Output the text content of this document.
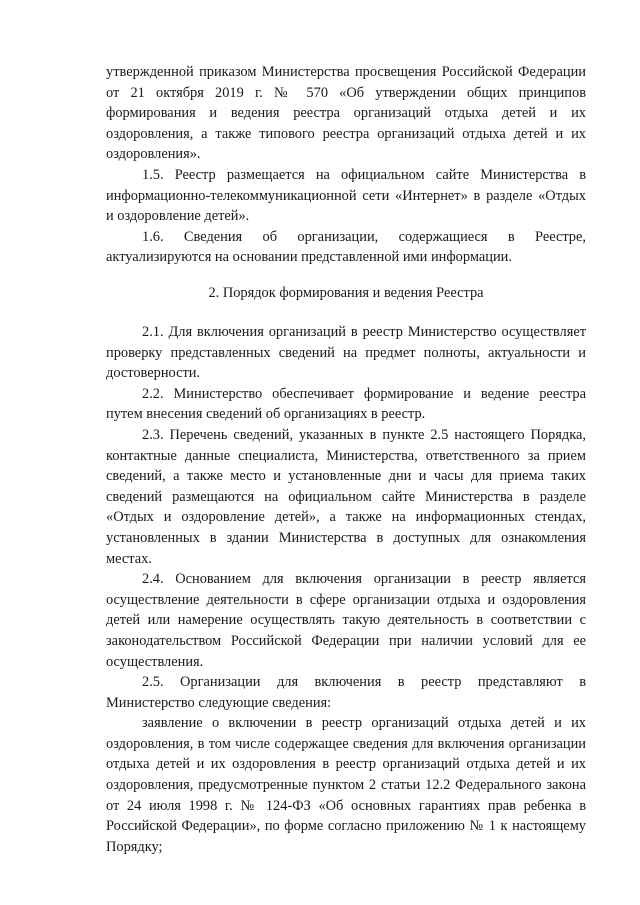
утвержденной приказом Министерства просвещения Российской Федерации от 21 октября 2019 г. № 570 «Об утверждении общих принципов формирования и ведения реестра организаций отдыха детей и их оздоровления, а также типового реестра организаций отдыха детей и их оздоровления».

1.5. Реестр размещается на официальном сайте Министерства в информационно-телекоммуникационной сети «Интернет» в разделе «Отдых и оздоровление детей».

1.6. Сведения об организации, содержащиеся в Реестре, актуализируются на основании представленной ими информации.

2. Порядок формирования и ведения Реестра

2.1. Для включения организаций в реестр Министерство осуществляет проверку представленных сведений на предмет полноты, актуальности и достоверности.

2.2. Министерство обеспечивает формирование и ведение реестра путем внесения сведений об организациях в реестр.

2.3. Перечень сведений, указанных в пункте 2.5 настоящего Порядка, контактные данные специалиста, Министерства, ответственного за прием сведений, а также место и установленные дни и часы для приема таких сведений размещаются на официальном сайте Министерства в разделе «Отдых и оздоровление детей», а также на информационных стендах, установленных в здании Министерства в доступных для ознакомления местах.

2.4. Основанием для включения организации в реестр является осуществление деятельности в сфере организации отдыха и оздоровления детей или намерение осуществлять такую деятельность в соответствии с законодательством Российской Федерации при наличии условий для ее осуществления.

2.5. Организации для включения в реестр представляют в Министерство следующие сведения:

заявление о включении в реестр организаций отдыха детей и их оздоровления, в том числе содержащее сведения для включения организации отдыха детей и их оздоровления в реестр организаций отдыха детей и их оздоровления, предусмотренные пунктом 2 статьи 12.2 Федерального закона от 24 июля 1998 г. № 124-ФЗ «Об основных гарантиях прав ребенка в Российской Федерации», по форме согласно приложению № 1 к настоящему Порядку;
